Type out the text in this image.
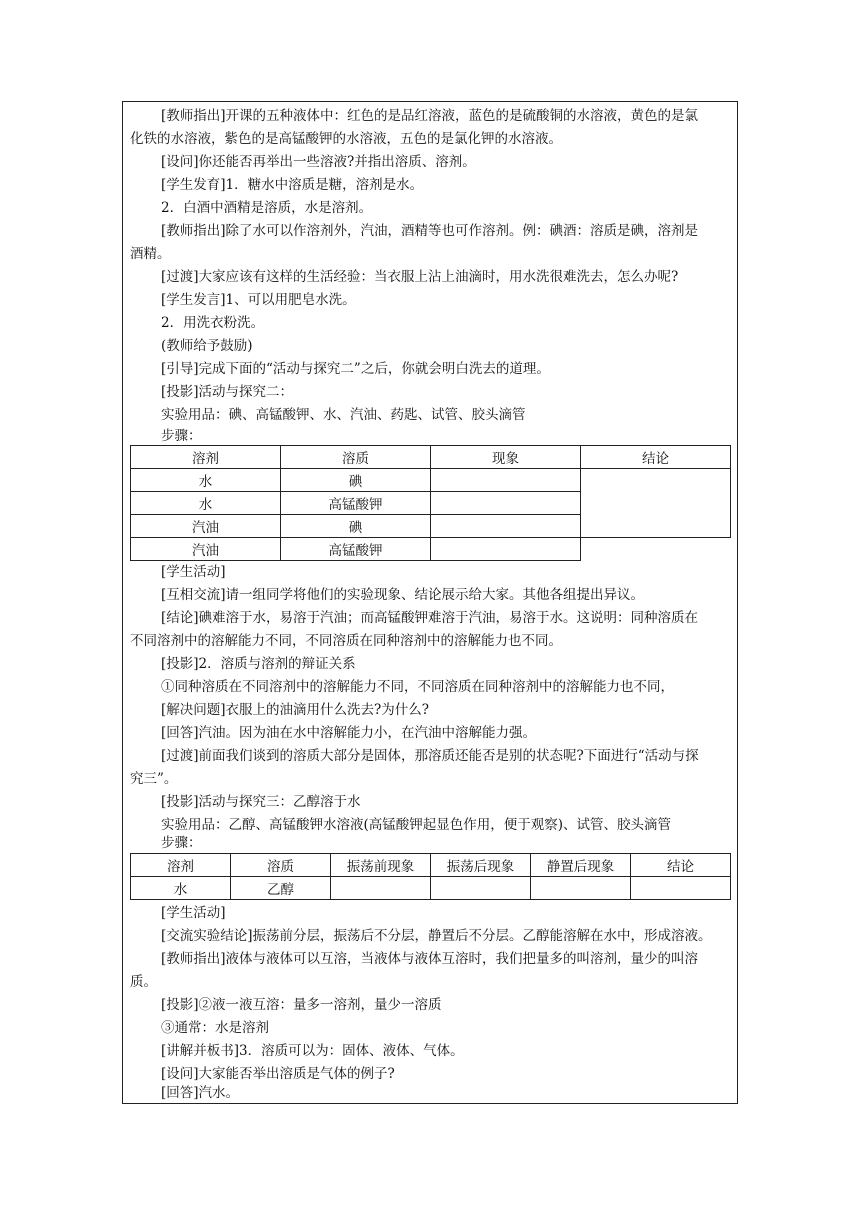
[教师指出]开课的五种液体中：红色的是品红溶液，蓝色的是硫酸铜的水溶液，黄色的是氯
化铁的水溶液，紫色的是高锰酸钾的水溶液，五色的是氯化钾的水溶液。
[设问]你还能否再举出一些溶液?并指出溶质、溶剂。
[学生发育]1．糖水中溶质是糖，溶剂是水。
2．白酒中酒精是溶质，水是溶剂。
[教师指出]除了水可以作溶剂外，汽油，酒精等也可作溶剂。例：碘酒：溶质是碘，溶剂是
酒精。
[过渡]大家应该有这样的生活经验：当衣服上沾上油滴时，用水洗很难洗去，怎么办呢?
[学生发言]1、可以用肥皂水洗。
2．用洗衣粉洗。
(教师给予鼓励)
[引导]完成下面的“活动与探究二”之后，你就会明白洗去的道理。
[投影]活动与探究二：
实验用品：碘、高锰酸钾、水、汽油、药匙、试管、胶头滴管
步骤：
溶剂	溶质	现象	结论
水	碘		
水	高锰酸钾		
汽油	碘		
汽油	高锰酸钾		
[学生活动]
[互相交流]请一组同学将他们的实验现象、结论展示给大家。其他各组提出异议。
[结论]碘难溶于水，易溶于汽油；而高锰酸钾难溶于汽油，易溶于水。这说明：同种溶质在
不同溶剂中的溶解能力不同，不同溶质在同种溶剂中的溶解能力也不同。
[投影]2．溶质与溶剂的辩证关系
①同种溶质在不同溶剂中的溶解能力不同，不同溶质在同种溶剂中的溶解能力也不同，
[解决问题]衣服上的油滴用什么洗去?为什么?
[回答]汽油。因为油在水中溶解能力小，在汽油中溶解能力强。
[过渡]前面我们谈到的溶质大部分是固体，那溶质还能否是别的状态呢?下面进行“活动与探
究三”。
[投影]活动与探究三：乙醇溶于水
实验用品：乙醇、高锰酸钾水溶液(高锰酸钾起显色作用，便于观察)、试管、胶头滴管
步骤：
溶剂	溶质	振荡前现象	振荡后现象	静置后现象	结论
水	乙醇				
[学生活动]
[交流实验结论]振荡前分层，振荡后不分层，静置后不分层。乙醇能溶解在水中，形成溶液。
[教师指出]液体与液体可以互溶，当液体与液体互溶时，我们把量多的叫溶剂，量少的叫溶
质。
[投影]②液一液互溶：量多一溶剂，量少一溶质
③通常：水是溶剂
[讲解并板书]3．溶质可以为：固体、液体、气体。
[设问]大家能否举出溶质是气体的例子?
[回答]汽水。
